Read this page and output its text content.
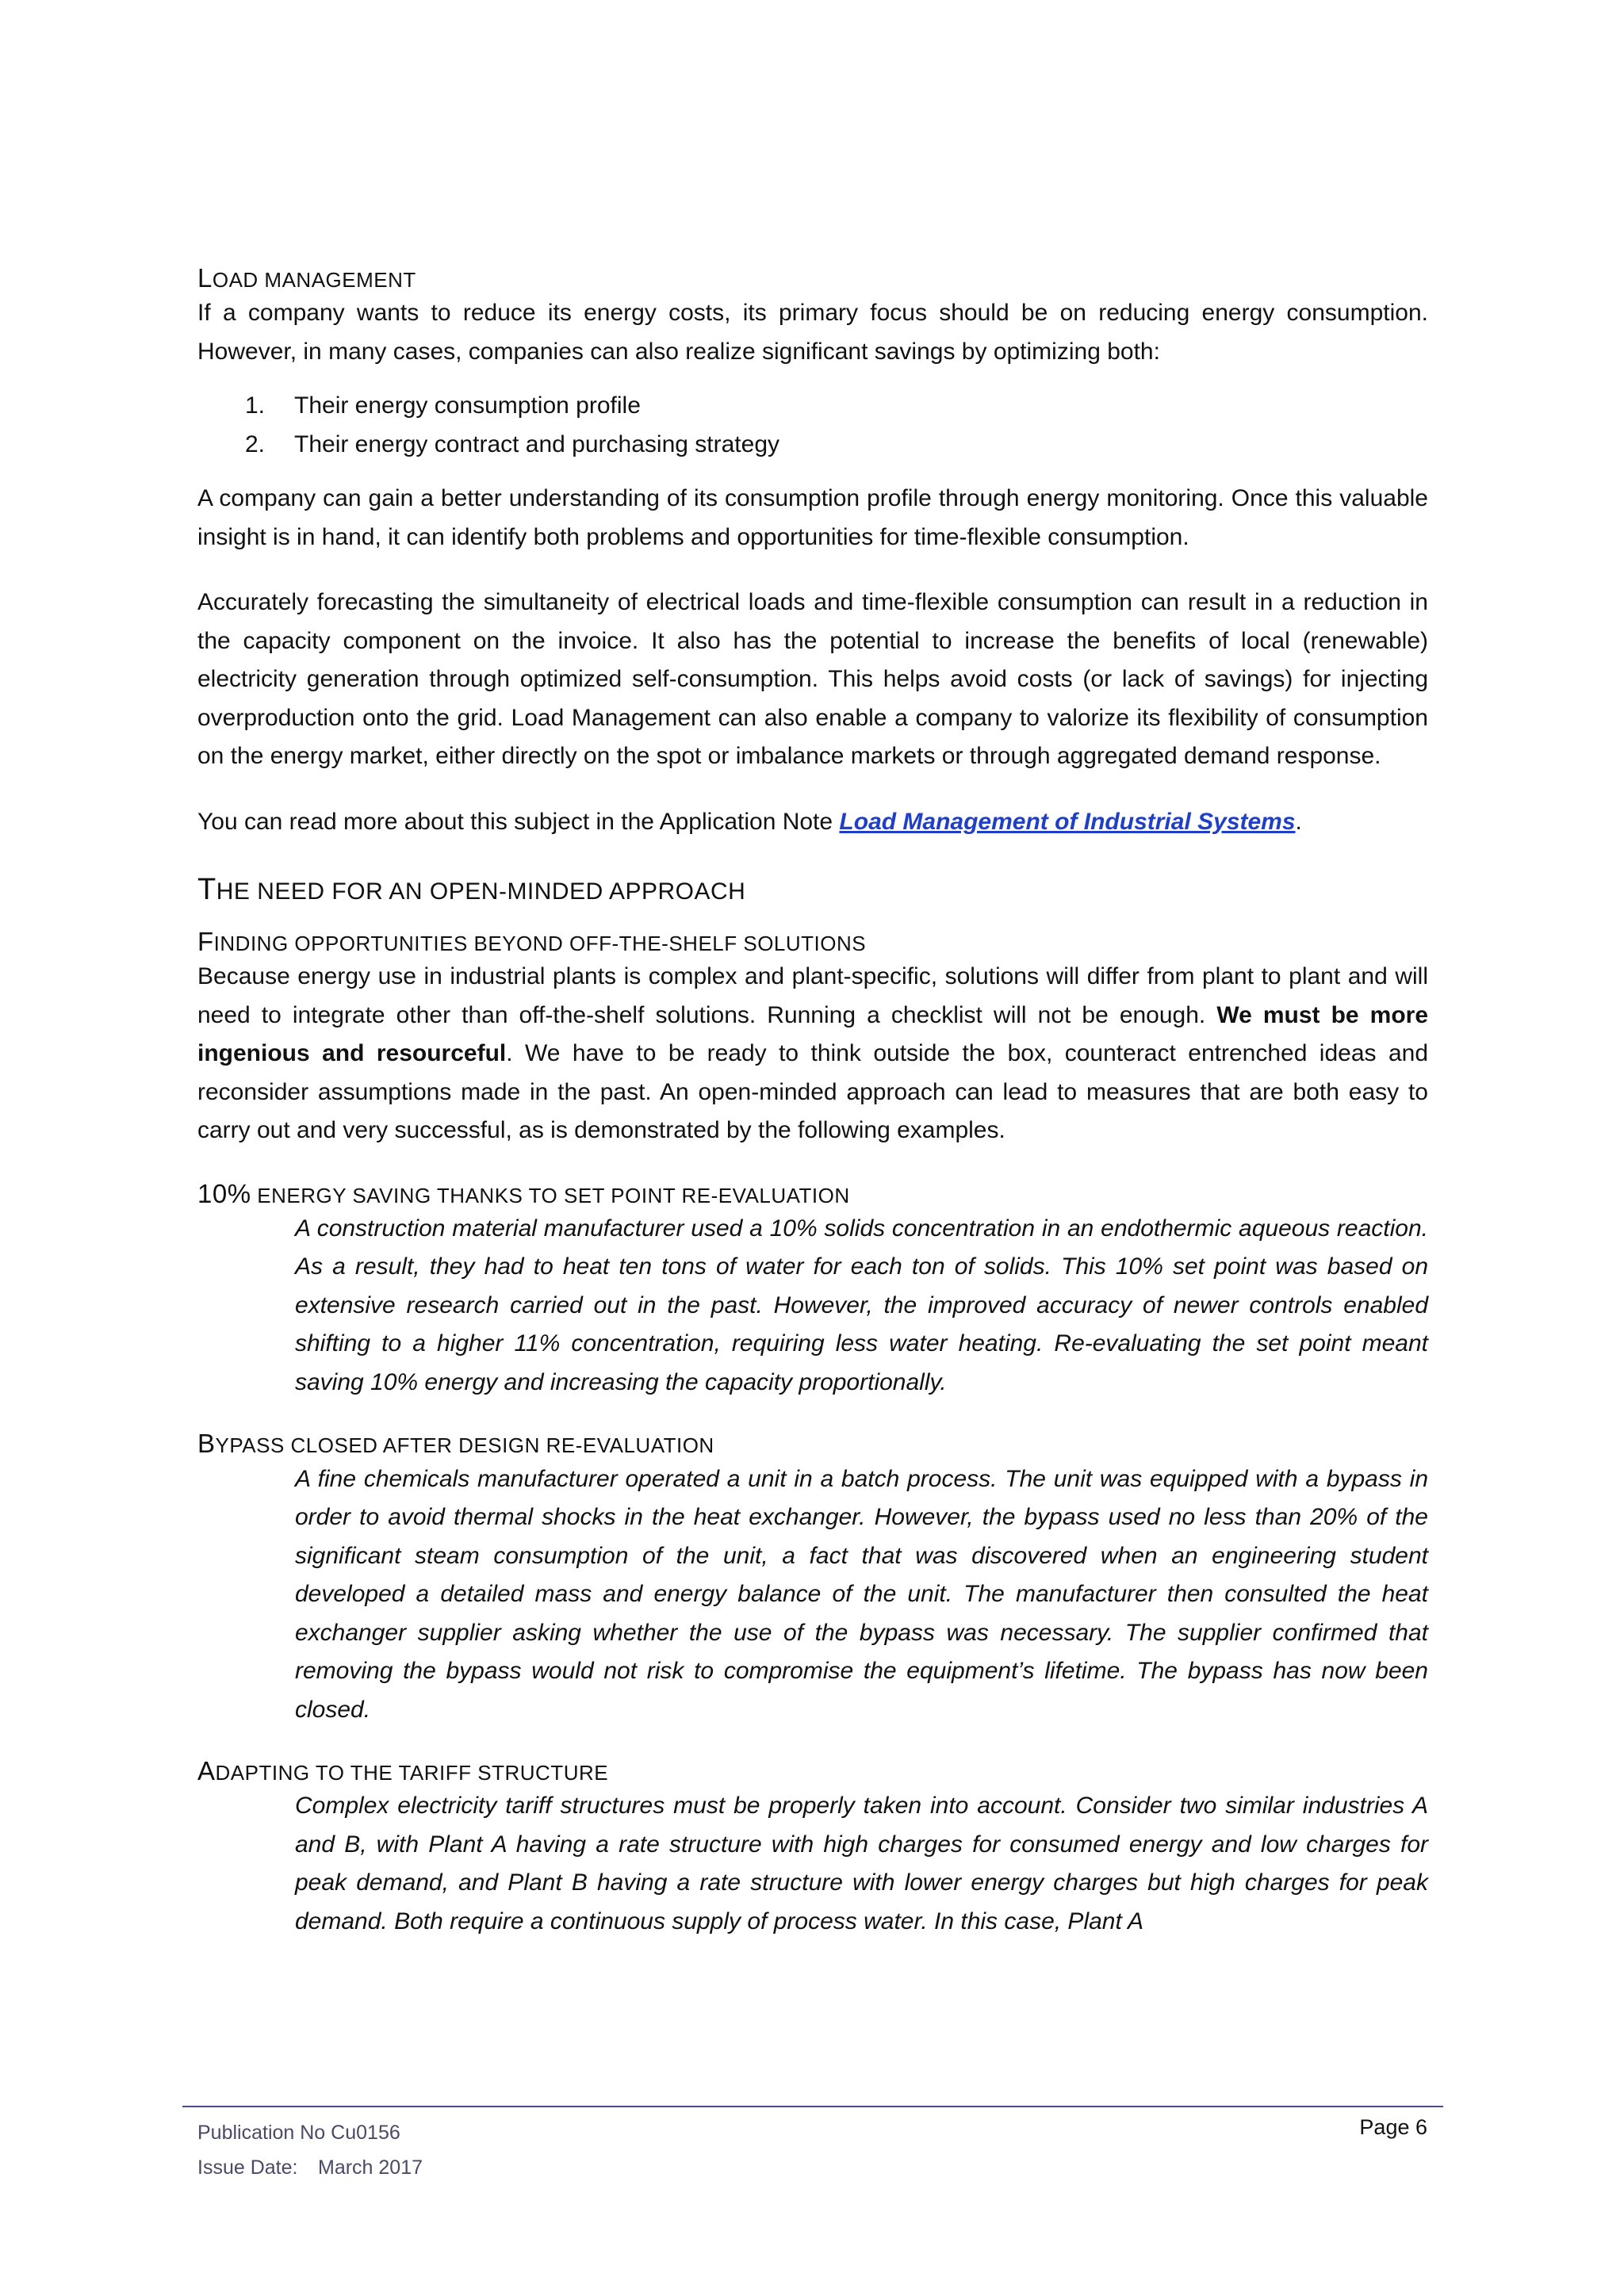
LOAD MANAGEMENT

If a company wants to reduce its energy costs, its primary focus should be on reducing energy consumption. However, in many cases, companies can also realize significant savings by optimizing both:

1. Their energy consumption profile
2. Their energy contract and purchasing strategy

A company can gain a better understanding of its consumption profile through energy monitoring. Once this valuable insight is in hand, it can identify both problems and opportunities for time-flexible consumption.

Accurately forecasting the simultaneity of electrical loads and time-flexible consumption can result in a reduction in the capacity component on the invoice. It also has the potential to increase the benefits of local (renewable) electricity generation through optimized self-consumption. This helps avoid costs (or lack of savings) for injecting overproduction onto the grid. Load Management can also enable a company to valorize its flexibility of consumption on the energy market, either directly on the spot or imbalance markets or through aggregated demand response.

You can read more about this subject in the Application Note Load Management of Industrial Systems.

THE NEED FOR AN OPEN-MINDED APPROACH
FINDING OPPORTUNITIES BEYOND OFF-THE-SHELF SOLUTIONS

Because energy use in industrial plants is complex and plant-specific, solutions will differ from plant to plant and will need to integrate other than off-the-shelf solutions. Running a checklist will not be enough. We must be more ingenious and resourceful. We have to be ready to think outside the box, counteract entrenched ideas and reconsider assumptions made in the past. An open-minded approach can lead to measures that are both easy to carry out and very successful, as is demonstrated by the following examples.

10% ENERGY SAVING THANKS TO SET POINT RE-EVALUATION

A construction material manufacturer used a 10% solids concentration in an endothermic aqueous reaction. As a result, they had to heat ten tons of water for each ton of solids. This 10% set point was based on extensive research carried out in the past. However, the improved accuracy of newer controls enabled shifting to a higher 11% concentration, requiring less water heating. Re-evaluating the set point meant saving 10% energy and increasing the capacity proportionally.

BYPASS CLOSED AFTER DESIGN RE-EVALUATION

A fine chemicals manufacturer operated a unit in a batch process. The unit was equipped with a bypass in order to avoid thermal shocks in the heat exchanger. However, the bypass used no less than 20% of the significant steam consumption of the unit, a fact that was discovered when an engineering student developed a detailed mass and energy balance of the unit. The manufacturer then consulted the heat exchanger supplier asking whether the use of the bypass was necessary. The supplier confirmed that removing the bypass would not risk to compromise the equipment’s lifetime. The bypass has now been closed.

ADAPTING TO THE TARIFF STRUCTURE

Complex electricity tariff structures must be properly taken into account. Consider two similar industries A and B, with Plant A having a rate structure with high charges for consumed energy and low charges for peak demand, and Plant B having a rate structure with lower energy charges but high charges for peak demand. Both require a continuous supply of process water. In this case, Plant A

Publication No Cu0156
Issue Date: March 2017
Page 6
